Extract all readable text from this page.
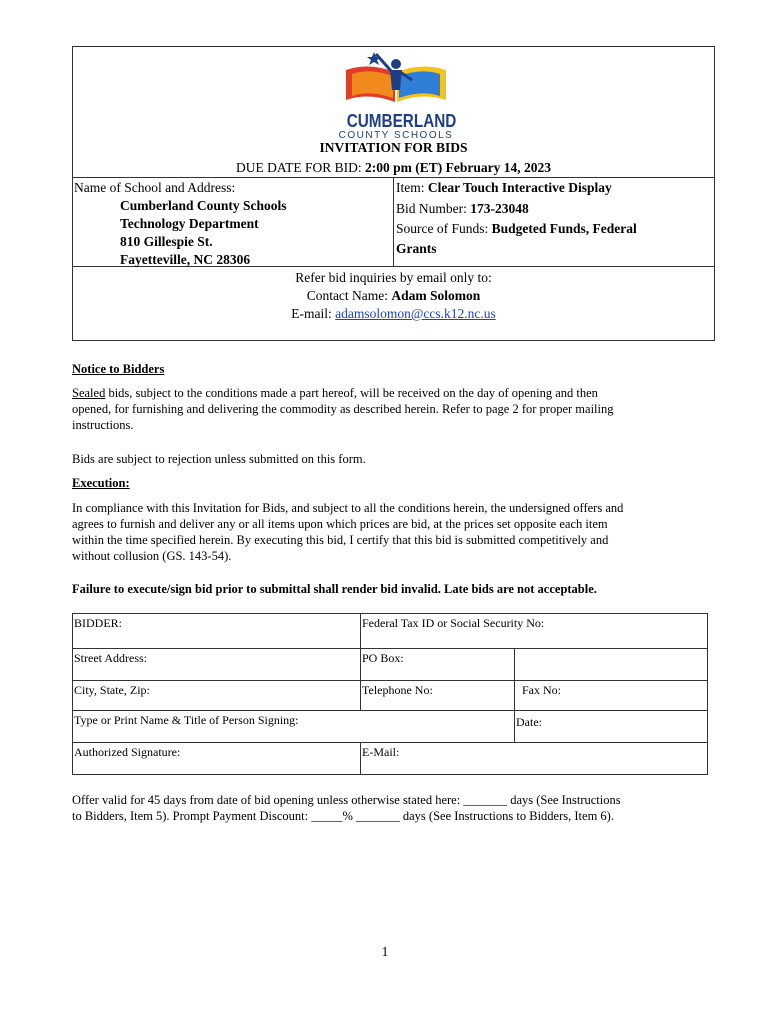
CUMBERLAND
COUNTY SCHOOLS
INVITATION FOR BIDS
DUE DATE FOR BID: 2:00 pm (ET) February 14, 2023
Name of School and Address:
Cumberland County Schools
Technology Department
810 Gillespie St.
Fayetteville, NC 28306
Item: Clear Touch Interactive Display
Bid Number: 173-23048
Source of Funds: Budgeted Funds, Federal
Grants
Refer bid inquiries by email only to:
Contact Name: Adam Solomon
E-mail: adamsolomon@ccs.k12.nc.us
Notice to Bidders
Sealed bids, subject to the conditions made a part hereof, will be received on the day of opening and then
opened, for furnishing and delivering the commodity as described herein. Refer to page 2 for proper mailing
instructions.
Bids are subject to rejection unless submitted on this form.
Execution:
In compliance with this Invitation for Bids, and subject to all the conditions herein, the undersigned offers and
agrees to furnish and deliver any or all items upon which prices are bid, at the prices set opposite each item
within the time specified herein. By executing this bid, I certify that this bid is submitted competitively and
without collusion (GS. 143-54).
Failure to execute/sign bid prior to submittal shall render bid invalid. Late bids are not acceptable.
BIDDER:	Federal Tax ID or Social Security No:
Street Address:	PO Box:
City, State, Zip:	Telephone No:	Fax No:
Type or Print Name & Title of Person Signing:	Date:
Authorized Signature:	E-Mail:
Offer valid for 45 days from date of bid opening unless otherwise stated here: _______ days (See Instructions
to Bidders, Item 5). Prompt Payment Discount: _____% _______ days (See Instructions to Bidders, Item 6).
1
